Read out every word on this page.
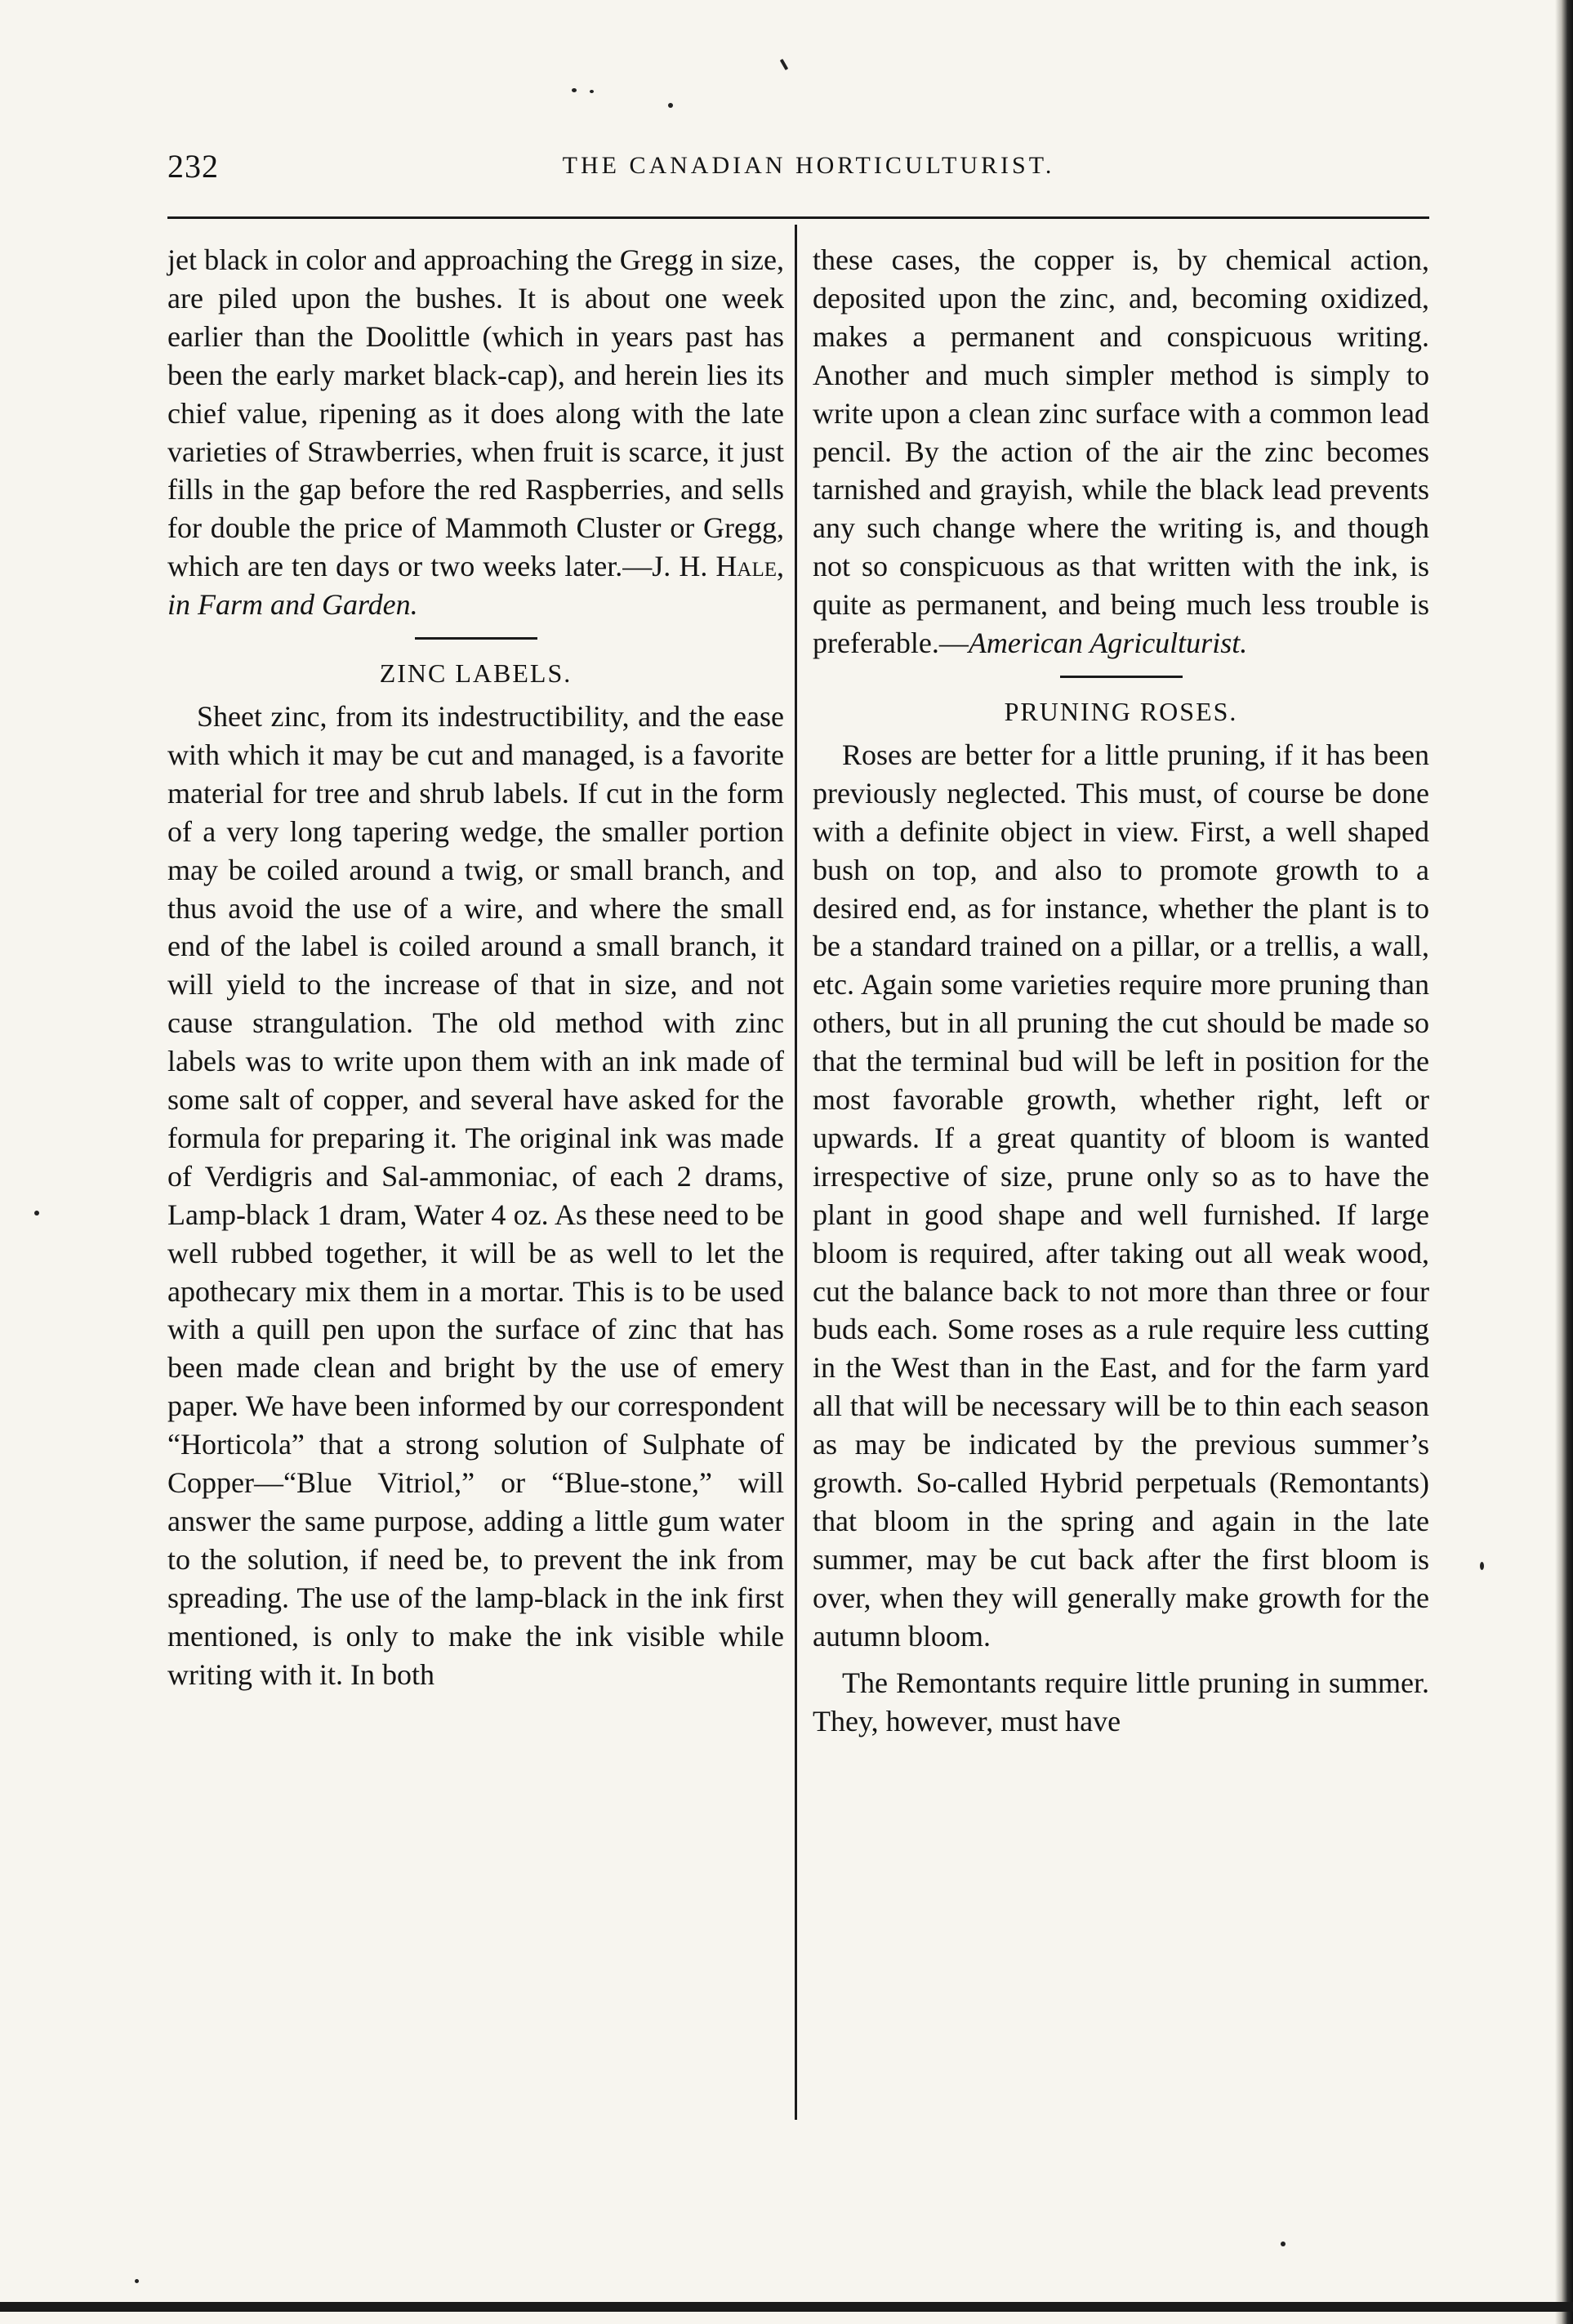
232	THE CANADIAN HORTICULTURIST.

jet black in color and approaching the Gregg in size, are piled upon the bushes. It is about one week earlier than the Doolittle (which in years past has been the early market black-cap), and herein lies its chief value, ripening as it does along with the late varieties of Strawberries, when fruit is scarce, it just fills in the gap before the red Raspberries, and sells for double the price of Mammoth Cluster or Gregg, which are ten days or two weeks later.—J. H. Hale, in Farm and Garden.

ZINC LABELS.

Sheet zinc, from its indestructibility, and the ease with which it may be cut and managed, is a favorite material for tree and shrub labels. If cut in the form of a very long tapering wedge, the smaller portion may be coiled around a twig, or small branch, and thus avoid the use of a wire, and where the small end of the label is coiled around a small branch, it will yield to the increase of that in size, and not cause strangulation. The old method with zinc labels was to write upon them with an ink made of some salt of copper, and several have asked for the formula for preparing it. The original ink was made of Verdigris and Sal-ammoniac, of each 2 drams, Lamp-black 1 dram, Water 4 oz. As these need to be well rubbed together, it will be as well to let the apothecary mix them in a mortar. This is to be used with a quill pen upon the surface of zinc that has been made clean and bright by the use of emery paper. We have been informed by our correspondent “Horticola” that a strong solution of Sulphate of Copper—“Blue Vitriol,” or “Blue-stone,” will answer the same purpose, adding a little gum water to the solution, if need be, to prevent the ink from spreading. The use of the lamp-black in the ink first mentioned, is only to make the ink visible while writing with it. In both

these cases, the copper is, by chemical action, deposited upon the zinc, and, becoming oxidized, makes a permanent and conspicuous writing. Another and much simpler method is simply to write upon a clean zinc surface with a common lead pencil. By the action of the air the zinc becomes tarnished and grayish, while the black lead prevents any such change where the writing is, and though not so conspicuous as that written with the ink, is quite as permanent, and being much less trouble is preferable.—American Agriculturist.

PRUNING ROSES.

Roses are better for a little pruning, if it has been previously neglected. This must, of course be done with a definite object in view. First, a well shaped bush on top, and also to promote growth to a desired end, as for instance, whether the plant is to be a standard trained on a pillar, or a trellis, a wall, etc. Again some varieties require more pruning than others, but in all pruning the cut should be made so that the terminal bud will be left in position for the most favorable growth, whether right, left or upwards. If a great quantity of bloom is wanted irrespective of size, prune only so as to have the plant in good shape and well furnished. If large bloom is required, after taking out all weak wood, cut the balance back to not more than three or four buds each. Some roses as a rule require less cutting in the West than in the East, and for the farm yard all that will be necessary will be to thin each season as may be indicated by the previous summer’s growth. So-called Hybrid perpetuals (Remontants) that bloom in the spring and again in the late summer, may be cut back after the first bloom is over, when they will generally make growth for the autumn bloom.

The Remontants require little pruning in summer. They, however, must have
